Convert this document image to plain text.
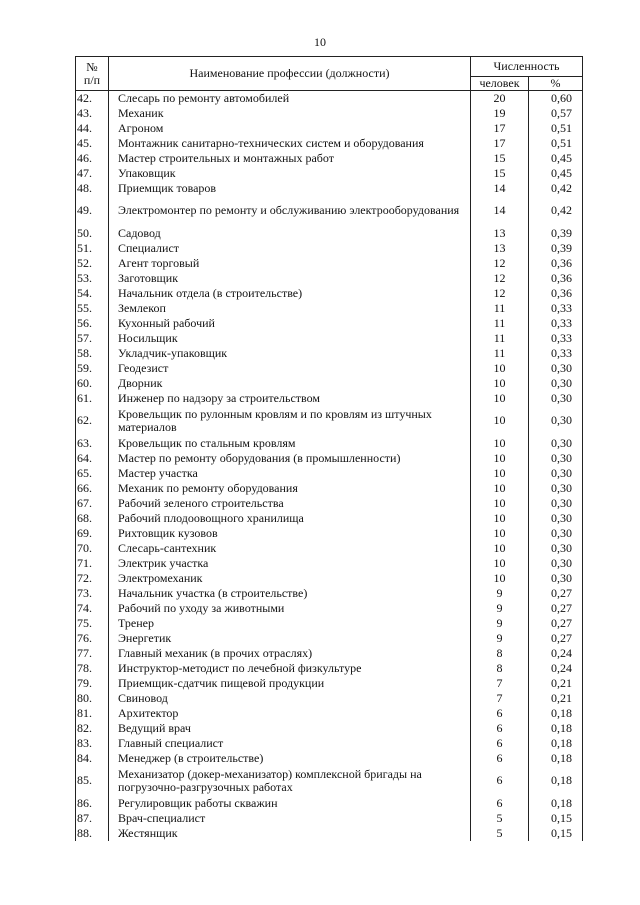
10
№
п/п	Наименование профессии (должности)	Численность	
		человек	%
42.	Слесарь по ремонту автомобилей	20	0,60
43.	Механик	19	0,57
44.	Агроном	17	0,51
45.	Монтажник санитарно-технических систем и оборудования	17	0,51
46.	Мастер строительных и монтажных работ	15	0,45
47.	Упаковщик	15	0,45
48.	Приемщик товаров	14	0,42
49.	Электромонтер по ремонту и обслуживанию электрооборудования	14	0,42
50.	Садовод	13	0,39
51.	Специалист	13	0,39
52.	Агент торговый	12	0,36
53.	Заготовщик	12	0,36
54.	Начальник отдела (в строительстве)	12	0,36
55.	Землекоп	11	0,33
56.	Кухонный рабочий	11	0,33
57.	Носильщик	11	0,33
58.	Укладчик-упаковщик	11	0,33
59.	Геодезист	10	0,30
60.	Дворник	10	0,30
61.	Инженер по надзору за строительством	10	0,30
62.	Кровельщик по рулонным кровлям и по кровлям из штучных материалов	10	0,30
63.	Кровельщик по стальным кровлям	10	0,30
64.	Мастер по ремонту оборудования (в промышленности)	10	0,30
65.	Мастер участка	10	0,30
66.	Механик по ремонту оборудования	10	0,30
67.	Рабочий зеленого строительства	10	0,30
68.	Рабочий плодоовощного хранилища	10	0,30
69.	Рихтовщик кузовов	10	0,30
70.	Слесарь-сантехник	10	0,30
71.	Электрик участка	10	0,30
72.	Электромеханик	10	0,30
73.	Начальник участка (в строительстве)	9	0,27
74.	Рабочий по уходу за животными	9	0,27
75.	Тренер	9	0,27
76.	Энергетик	9	0,27
77.	Главный механик (в прочих отраслях)	8	0,24
78.	Инструктор-методист по лечебной физкультуре	8	0,24
79.	Приемщик-сдатчик пищевой продукции	7	0,21
80.	Свиновод	7	0,21
81.	Архитектор	6	0,18
82.	Ведущий врач	6	0,18
83.	Главный специалист	6	0,18
84.	Менеджер (в строительстве)	6	0,18
85.	Механизатор (докер-механизатор) комплексной бригады на погрузочно-разгрузочных работах	6	0,18
86.	Регулировщик работы скважин	6	0,18
87.	Врач-специалист	5	0,15
88.	Жестянщик	5	0,15
